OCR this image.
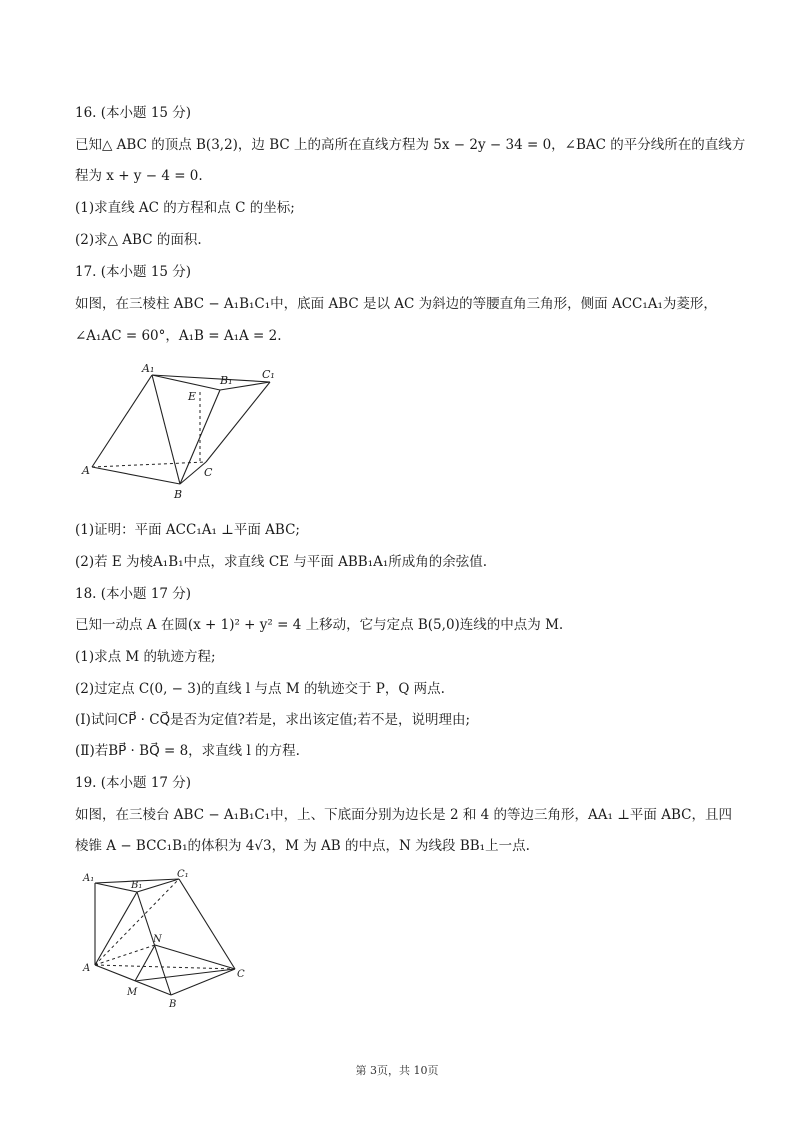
16. (本小题 15 分)
已知△ ABC 的顶点 B(3,2)，边 BC 上的高所在直线方程为 5x − 2y − 34 = 0，∠BAC 的平分线所在的直线方
程为 x + y − 4 = 0.
(1)求直线 AC 的方程和点 C 的坐标;
(2)求△ ABC 的面积.
17. (本小题 15 分)
如图，在三棱柱 ABC − A₁B₁C₁中，底面 ABC 是以 AC 为斜边的等腰直角三角形，侧面 ACC₁A₁为菱形，
∠A₁AC = 60°，A₁B = A₁A = 2.
A₁
B₁	C₁
E
A
B
C
(1)证明：平面 ACC₁A₁ ⊥平面 ABC;
(2)若 E 为棱A₁B₁中点，求直线 CE 与平面 ABB₁A₁所成角的余弦值.
18. (本小题 17 分)
已知一动点 A 在圆(x + 1)² + y² = 4 上移动，它与定点 B(5,0)连线的中点为 M.
(1)求点 M 的轨迹方程;
(2)过定点 C(0, − 3)的直线 l 与点 M 的轨迹交于 P，Q 两点.
(Ⅰ)试问CP⃗ · CQ⃗是否为定值?若是，求出该定值;若不是，说明理由;
(Ⅱ)若BP⃗ · BQ⃗ = 8，求直线 l 的方程.
19. (本小题 17 分)
如图，在三棱台 ABC − A₁B₁C₁中，上、下底面分别为边长是 2 和 4 的等边三角形，AA₁ ⊥平面 ABC，且四
棱锥 A − BCC₁B₁的体积为 4√3，M 为 AB 的中点，N 为线段 BB₁上一点.
A₁
B₁
C₁
N
A
M
B
C
第 3页，共 10页
